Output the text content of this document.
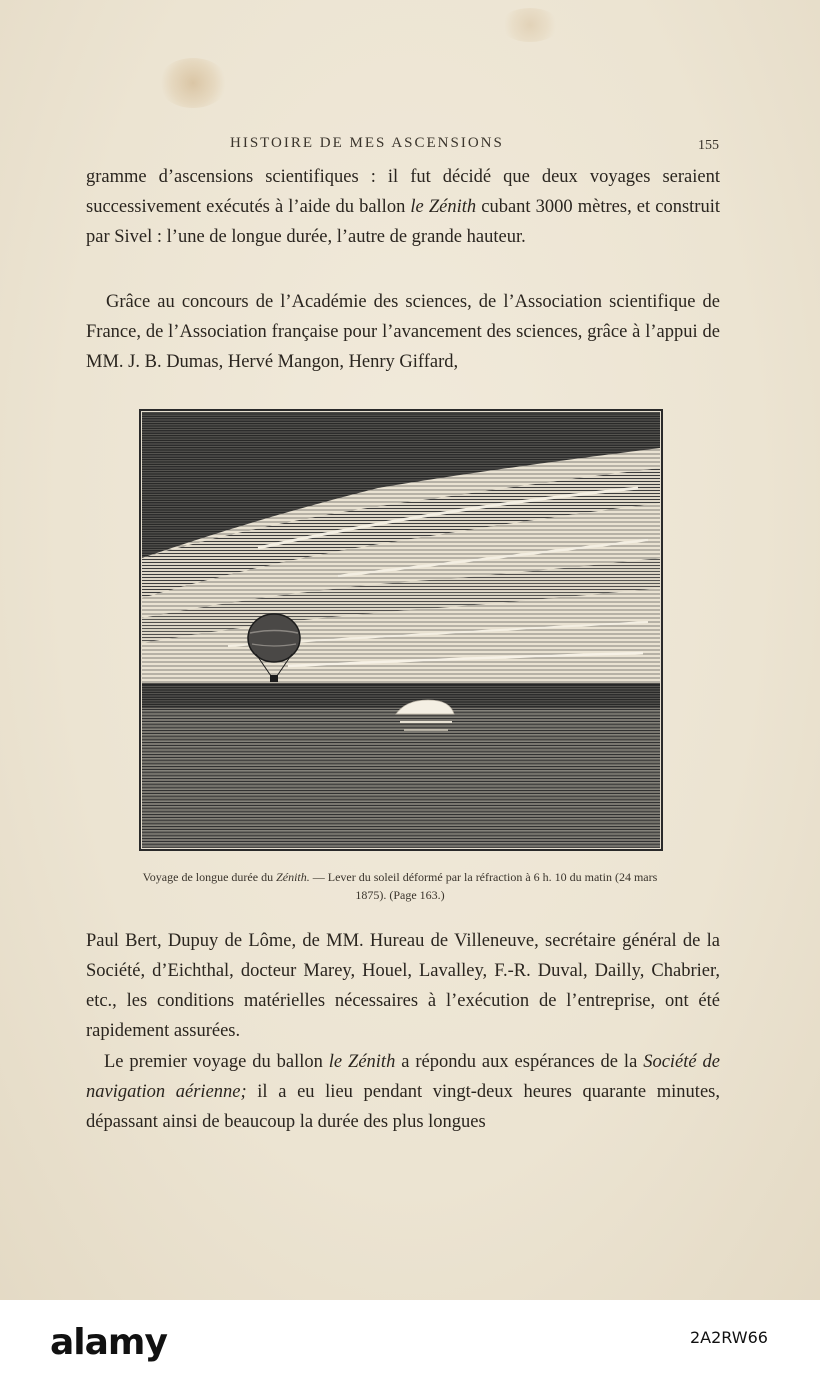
HISTOIRE DE MES ASCENSIONS	155

gramme d’ascensions scientifiques : il fut décidé que deux voyages seraient successivement exécutés à l’aide du ballon le Zénith cubant 3000 mètres, et construit par Sivel : l’une de longue durée, l’autre de grande hauteur.

Grâce au concours de l’Académie des sciences, de l’Association scientifique de France, de l’Association française pour l’avancement des sciences, grâce à l’appui de MM. J. B. Dumas, Hervé Mangon, Henry Giffard,

Voyage de longue durée du Zénith. — Lever du soleil déformé par la réfraction à 6 h. 10 du matin (24 mars 1875). (Page 163.)

Paul Bert, Dupuy de Lôme, de MM. Hureau de Villeneuve, secrétaire général de la Société, d’Eichthal, docteur Marey, Houel, Lavalley, F.-R. Duval, Dailly, Chabrier, etc., les conditions matérielles nécessaires à l’exécution de l’entreprise, ont été rapidement assurées.

Le premier voyage du ballon le Zénith a répondu aux espérances de la Société de navigation aérienne; il a eu lieu pendant vingt-deux heures quarante minutes, dépassant ainsi de beaucoup la durée des plus longues

alamy	2A2RW66
